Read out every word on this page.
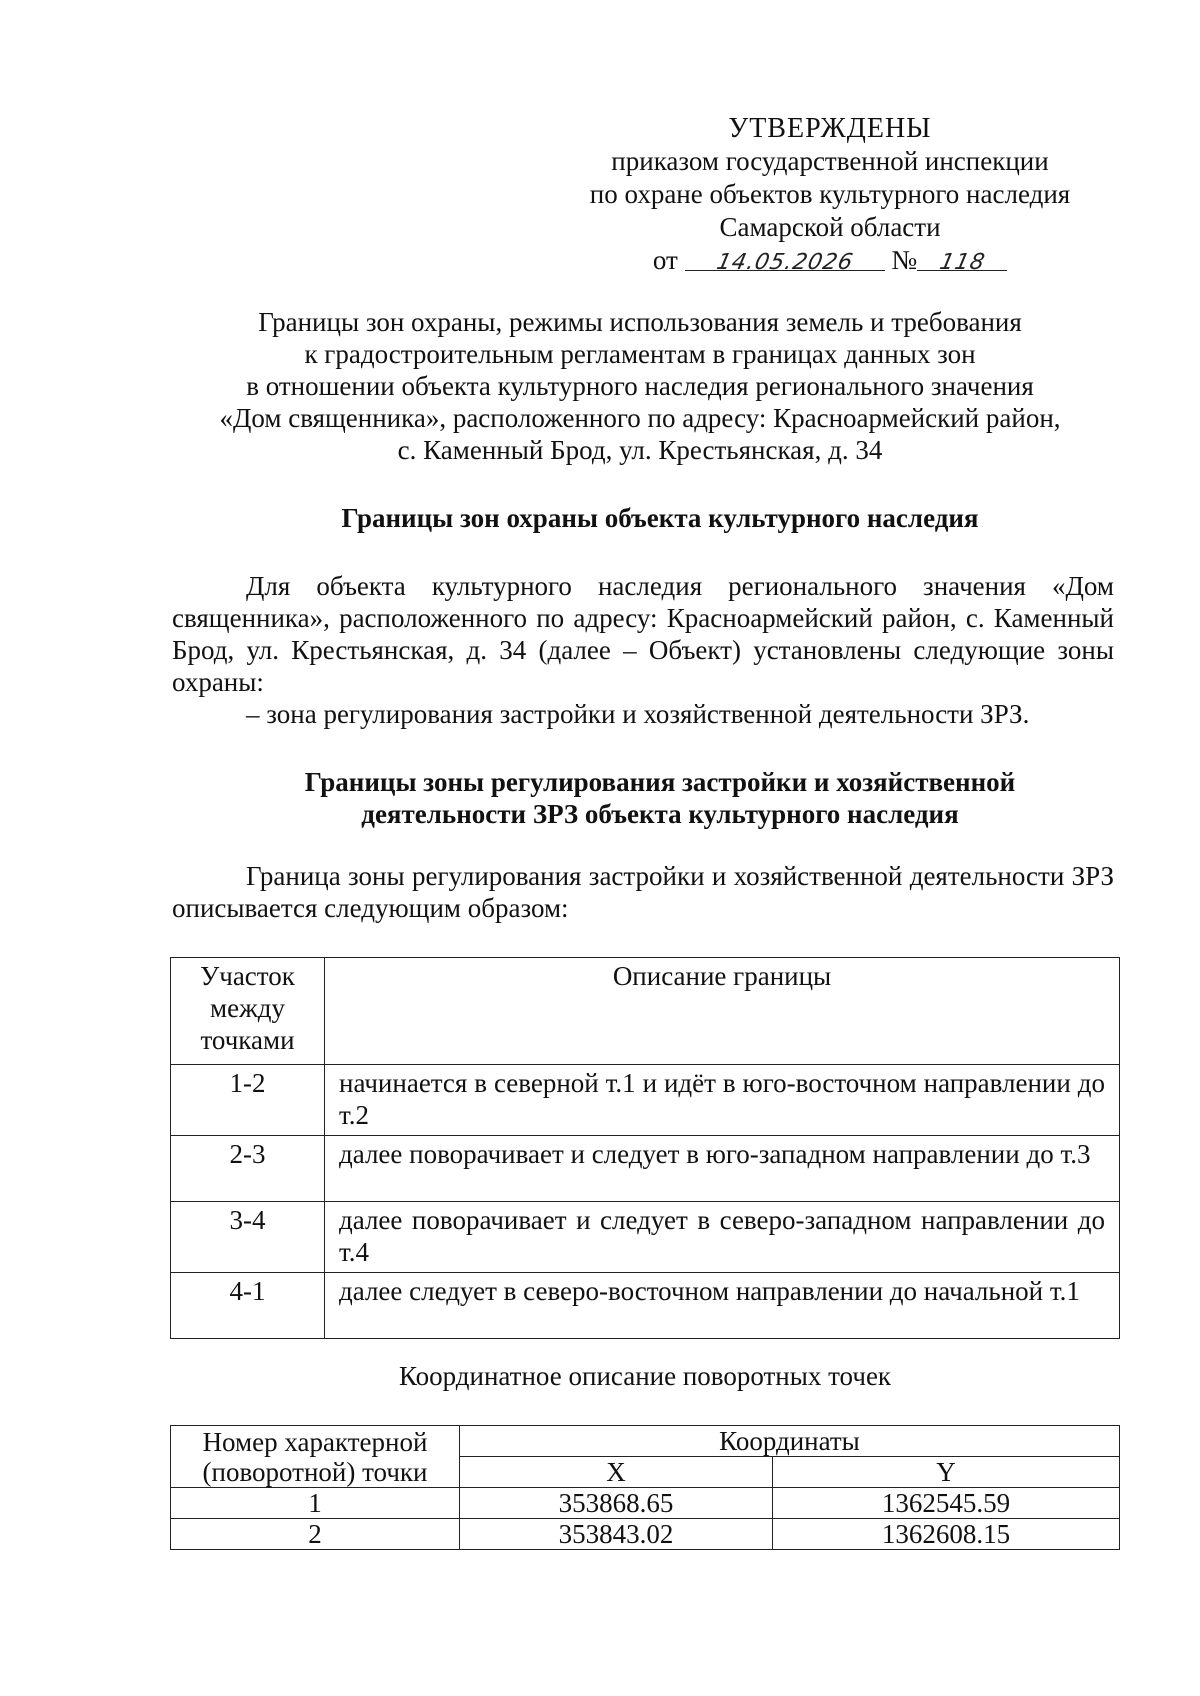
УТВЕРЖДЕНЫ
приказом государственной инспекции
по охране объектов культурного наследия
Самарской области
от 14.05.2026 № 118
Границы зон охраны, режимы использования земель и требования
к градостроительным регламентам в границах данных зон
в отношении объекта культурного наследия регионального значения
«Дом священника», расположенного по адресу: Красноармейский район,
с. Каменный Брод, ул. Крестьянская, д. 34
Границы зон охраны объекта культурного наследия
Для объекта культурного наследия регионального значения «Дом священника», расположенного по адресу: Красноармейский район, с. Каменный Брод, ул. Крестьянская, д. 34 (далее – Объект) установлены следующие зоны охраны:
– зона регулирования застройки и хозяйственной деятельности ЗРЗ.
Границы зоны регулирования застройки и хозяйственной
деятельности ЗРЗ объекта культурного наследия
Граница зоны регулирования застройки и хозяйственной деятельности ЗРЗ описывается следующим образом:
Участок
между
точками	Описание границы
1-2	начинается в северной т.1 и идёт в юго-восточном направлении до т.2
2-3	далее поворачивает и следует в юго-западном направлении до т.3
3-4	далее поворачивает и следует в северо-западном направлении до т.4
4-1	далее следует в северо-восточном направлении до начальной т.1
Координатное описание поворотных точек
Номер характерной
(поворотной) точки	Координаты	
	X	Y
1	353868.65	1362545.59
2	353843.02	1362608.15
